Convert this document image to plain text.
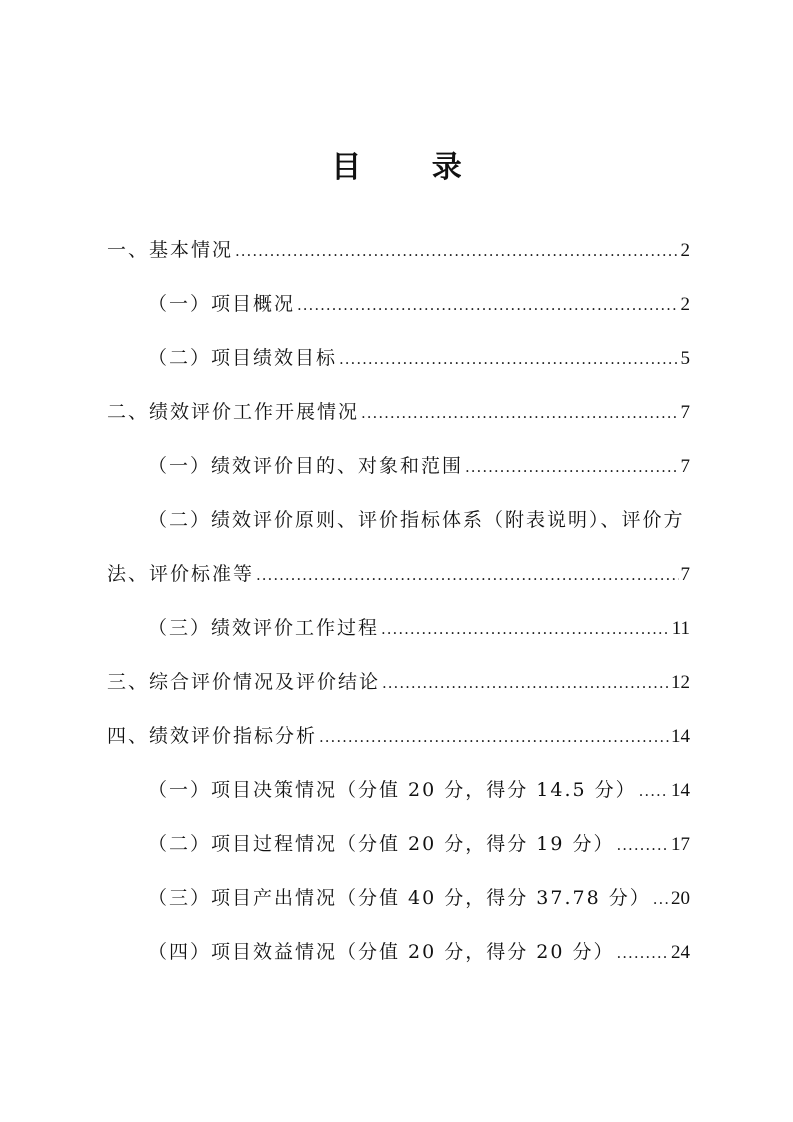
目 录
一、基本情况 .....	2
（一）项目概况 .....	2
（二）项目绩效目标 .....	5
二、绩效评价工作开展情况 .....	7
（一）绩效评价目的、对象和范围 .....	7
（二）绩效评价原则、评价指标体系（附表说明）、评价方
法、评价标准等 .....	7
（三）绩效评价工作过程 .....	11
三、综合评价情况及评价结论 .....	12
四、绩效评价指标分析 .....	14
（一）项目决策情况（分值 20 分，得分 14.5 分） ..... 14
（二）项目过程情况（分值 20 分，得分 19 分） .....	17
（三）项目产出情况（分值 40 分，得分 37.78 分） ..... 20
（四）项目效益情况（分值 20 分，得分 20 分） .....	24
